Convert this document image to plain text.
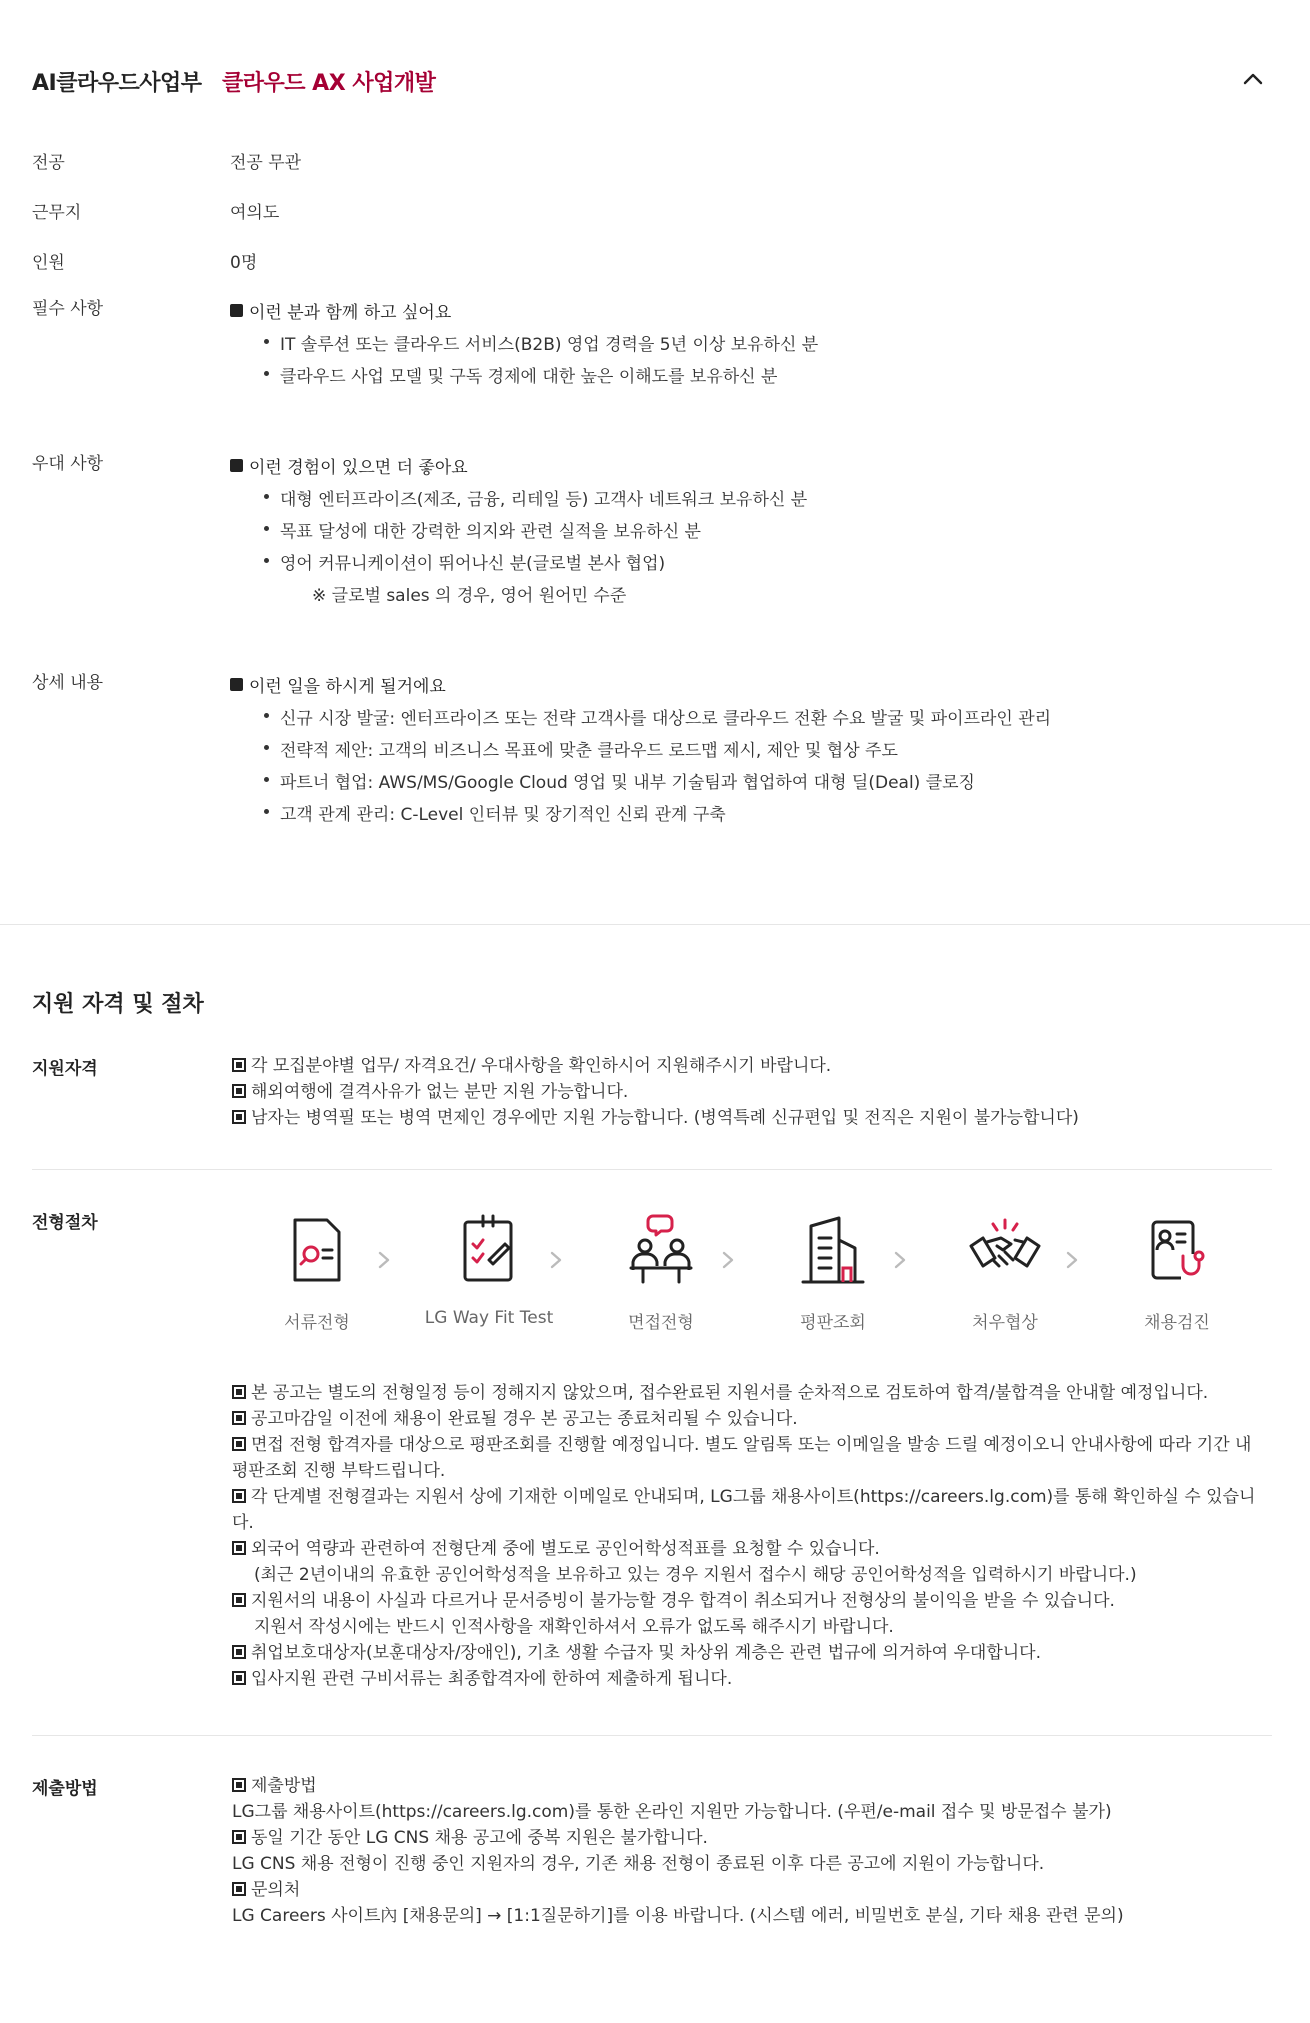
AI클라우드사업부 클라우드 AX 사업개발
전공	전공 무관
근무지	여의도
인원	0명
필수 사항	이런 분과 함께 하고 싶어요
IT 솔루션 또는 클라우드 서비스(B2B) 영업 경력을 5년 이상 보유하신 분
클라우드 사업 모델 및 구독 경제에 대한 높은 이해도를 보유하신 분
우대 사항	이런 경험이 있으면 더 좋아요
대형 엔터프라이즈(제조, 금융, 리테일 등) 고객사 네트워크 보유하신 분
목표 달성에 대한 강력한 의지와 관련 실적을 보유하신 분
영어 커뮤니케이션이 뛰어나신 분(글로벌 본사 협업)
※ 글로벌 sales 의 경우, 영어 원어민 수준
상세 내용	이런 일을 하시게 될거에요
신규 시장 발굴: 엔터프라이즈 또는 전략 고객사를 대상으로 클라우드 전환 수요 발굴 및 파이프라인 관리
전략적 제안: 고객의 비즈니스 목표에 맞춘 클라우드 로드맵 제시, 제안 및 협상 주도
파트너 협업: AWS/MS/Google Cloud 영업 및 내부 기술팀과 협업하여 대형 딜(Deal) 클로징
고객 관계 관리: C-Level 인터뷰 및 장기적인 신뢰 관계 구축
지원 자격 및 절차
지원자격	각 모집분야별 업무/ 자격요건/ 우대사항을 확인하시어 지원해주시기 바랍니다.

해외여행에 결격사유가 없는 분만 지원 가능합니다.

남자는 병역필 또는 병역 면제인 경우에만 지원 가능합니다. (병역특례 신규편입 및 전직은 지원이 불가능합니다)

전형절차
서류전형	LG Way Fit Test	면접전형	평판조회	처우협상	채용검진

본 공고는 별도의 전형일정 등이 정해지지 않았으며, 접수완료된 지원서를 순차적으로 검토하여 합격/불합격을 안내할 예정입니다.

공고마감일 이전에 채용이 완료될 경우 본 공고는 종료처리될 수 있습니다.

면접 전형 합격자를 대상으로 평판조회를 진행할 예정입니다. 별도 알림톡 또는 이메일을 발송 드릴 예정이오니 안내사항에 따라 기간 내 평판조회 진행 부탁드립니다.

각 단계별 전형결과는 지원서 상에 기재한 이메일로 안내되며, LG그룹 채용사이트(https://careers.lg.com)를 통해 확인하실 수 있습니다.

외국어 역량과 관련하여 전형단계 중에 별도로 공인어학성적표를 요청할 수 있습니다.

(최근 2년이내의 유효한 공인어학성적을 보유하고 있는 경우 지원서 접수시 해당 공인어학성적을 입력하시기 바랍니다.)

지원서의 내용이 사실과 다르거나 문서증빙이 불가능할 경우 합격이 취소되거나 전형상의 불이익을 받을 수 있습니다.

지원서 작성시에는 반드시 인적사항을 재확인하셔서 오류가 없도록 해주시기 바랍니다.

취업보호대상자(보훈대상자/장애인), 기초 생활 수급자 및 차상위 계층은 관련 법규에 의거하여 우대합니다.

입사지원 관련 구비서류는 최종합격자에 한하여 제출하게 됩니다.

제출방법	제출방법

LG그룹 채용사이트(https://careers.lg.com)를 통한 온라인 지원만 가능합니다. (우편/e-mail 접수 및 방문접수 불가)

동일 기간 동안 LG CNS 채용 공고에 중복 지원은 불가합니다.

LG CNS 채용 전형이 진행 중인 지원자의 경우, 기존 채용 전형이 종료된 이후 다른 공고에 지원이 가능합니다.

문의처

LG Careers 사이트內 [채용문의] → [1:1질문하기]를 이용 바랍니다. (시스템 에러, 비밀번호 분실, 기타 채용 관련 문의)
